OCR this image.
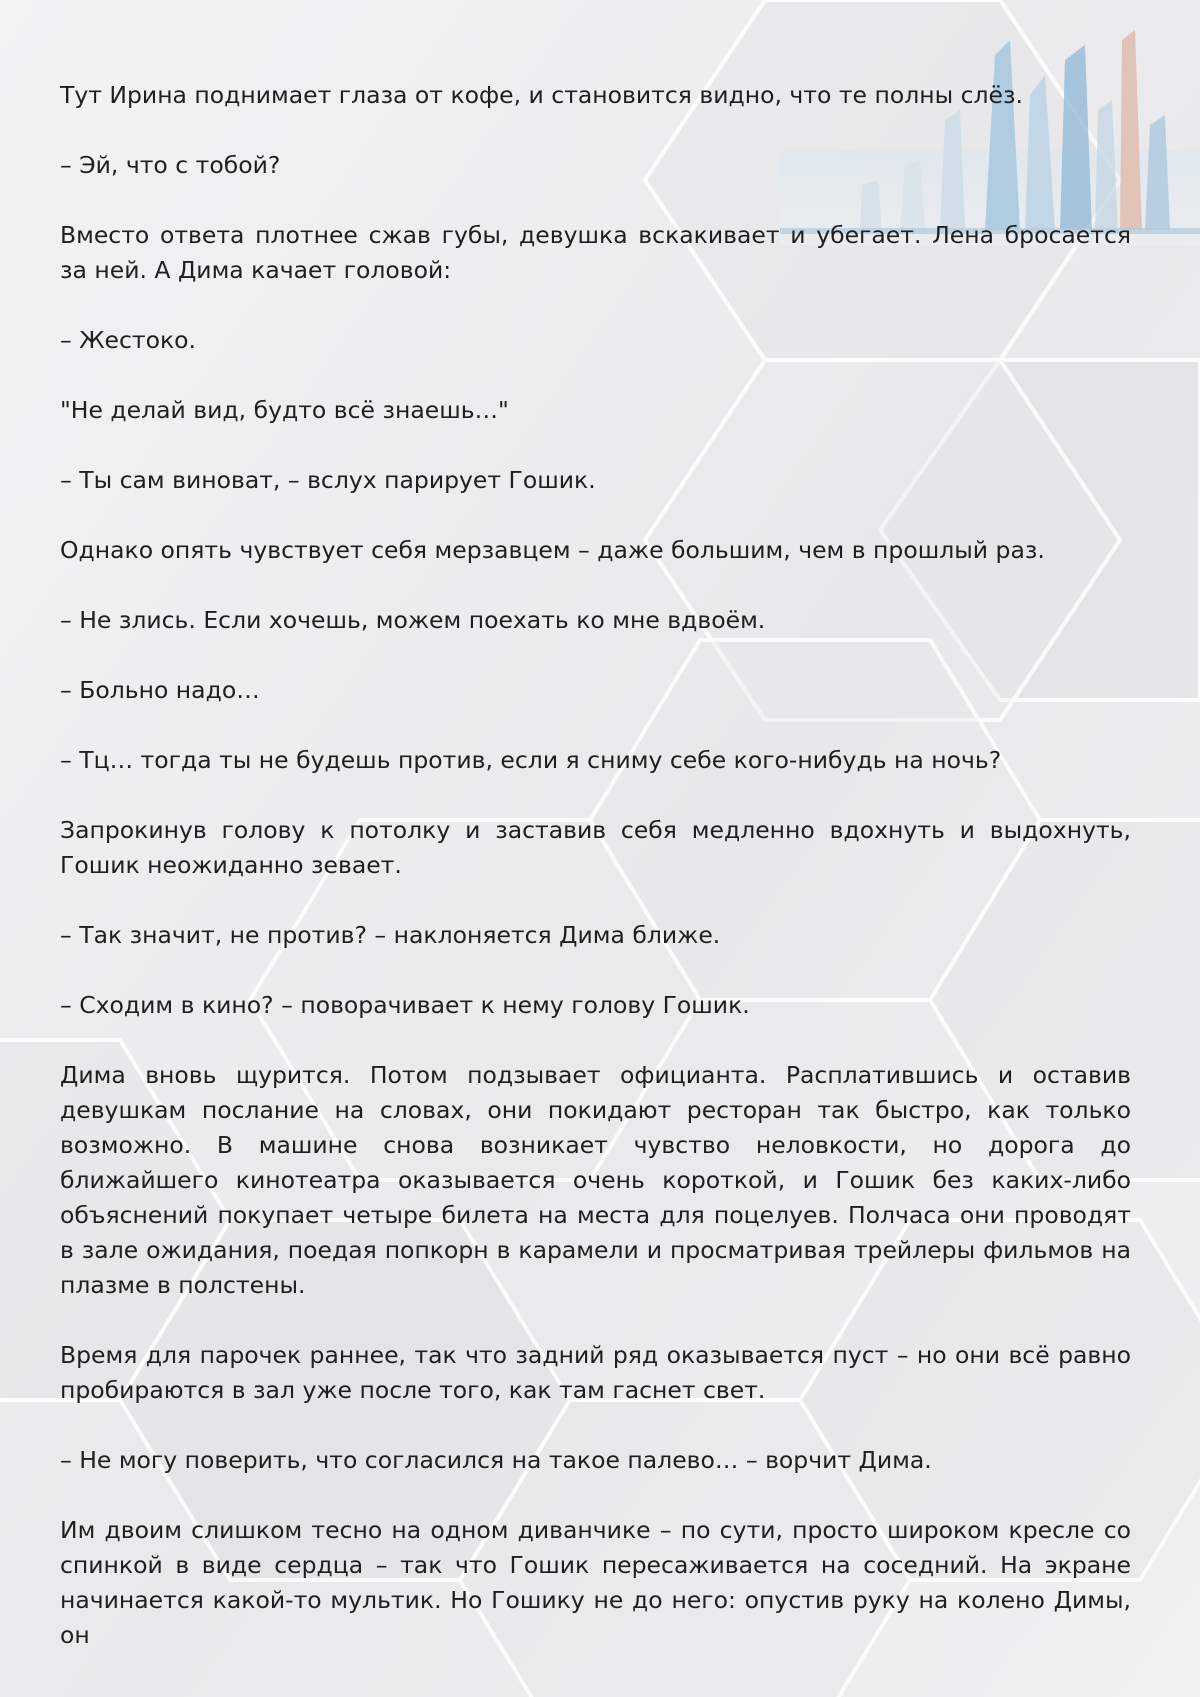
Тут Ирина поднимает глаза от кофе, и становится видно, что те полны слёз.

– Эй, что с тобой?

Вместо ответа плотнее сжав губы, девушка вскакивает и убегает. Лена бросается за ней. А Дима качает головой:

– Жестоко.

"Не делай вид, будто всё знаешь…"

– Ты сам виноват, – вслух парирует Гошик.

Однако опять чувствует себя мерзавцем – даже большим, чем в прошлый раз.

– Не злись. Если хочешь, можем поехать ко мне вдвоём.

– Больно надо…

– Тц… тогда ты не будешь против, если я сниму себе кого-нибудь на ночь?

Запрокинув голову к потолку и заставив себя медленно вдохнуть и выдохнуть, Гошик неожиданно зевает.

– Так значит, не против? – наклоняется Дима ближе.

– Сходим в кино? – поворачивает к нему голову Гошик.

Дима вновь щурится. Потом подзывает официанта. Расплатившись и оставив девушкам послание на словах, они покидают ресторан так быстро, как только возможно. В машине снова возникает чувство неловкости, но дорога до ближайшего кинотеатра оказывается очень короткой, и Гошик без каких-либо объяснений покупает четыре билета на места для поцелуев. Полчаса они проводят в зале ожидания, поедая попкорн в карамели и просматривая трейлеры фильмов на плазме в полстены.

Время для парочек раннее, так что задний ряд оказывается пуст – но они всё равно пробираются в зал уже после того, как там гаснет свет.

– Не могу поверить, что согласился на такое палево… – ворчит Дима.

Им двоим слишком тесно на одном диванчике – по сути, просто широком кресле со спинкой в виде сердца – так что Гошик пересаживается на соседний. На экране начинается какой-то мультик. Но Гошику не до него: опустив руку на колено Димы, он
